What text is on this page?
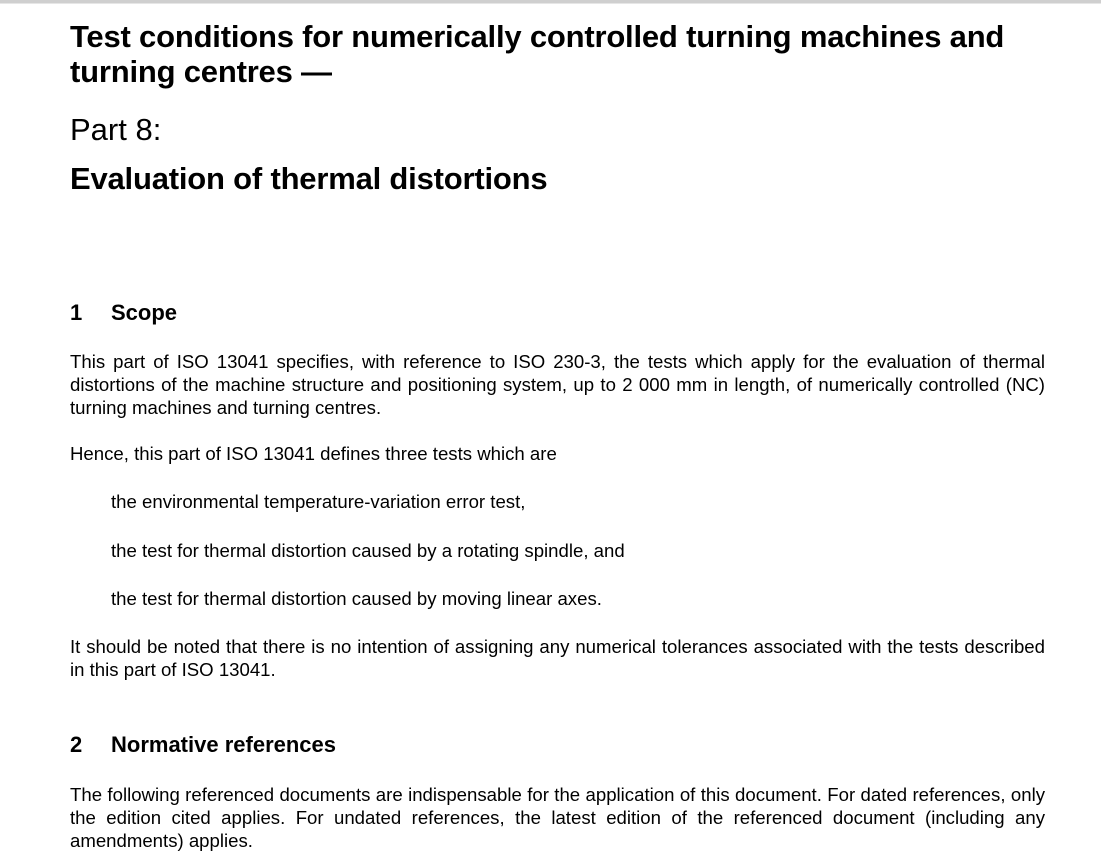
Test conditions for numerically controlled turning machines and turning centres —
Part 8:
Evaluation of thermal distortions
1 Scope

This part of ISO 13041 specifies, with reference to ISO 230-3, the tests which apply for the evaluation of thermal distortions of the machine structure and positioning system, up to 2 000 mm in length, of numerically controlled (NC) turning machines and turning centres.

Hence, this part of ISO 13041 defines three tests which are

the environmental temperature-variation error test,

the test for thermal distortion caused by a rotating spindle, and

the test for thermal distortion caused by moving linear axes.

It should be noted that there is no intention of assigning any numerical tolerances associated with the tests described in this part of ISO 13041.

2 Normative references

The following referenced documents are indispensable for the application of this document. For dated references, only the edition cited applies. For undated references, the latest edition of the referenced document (including any amendments) applies.
